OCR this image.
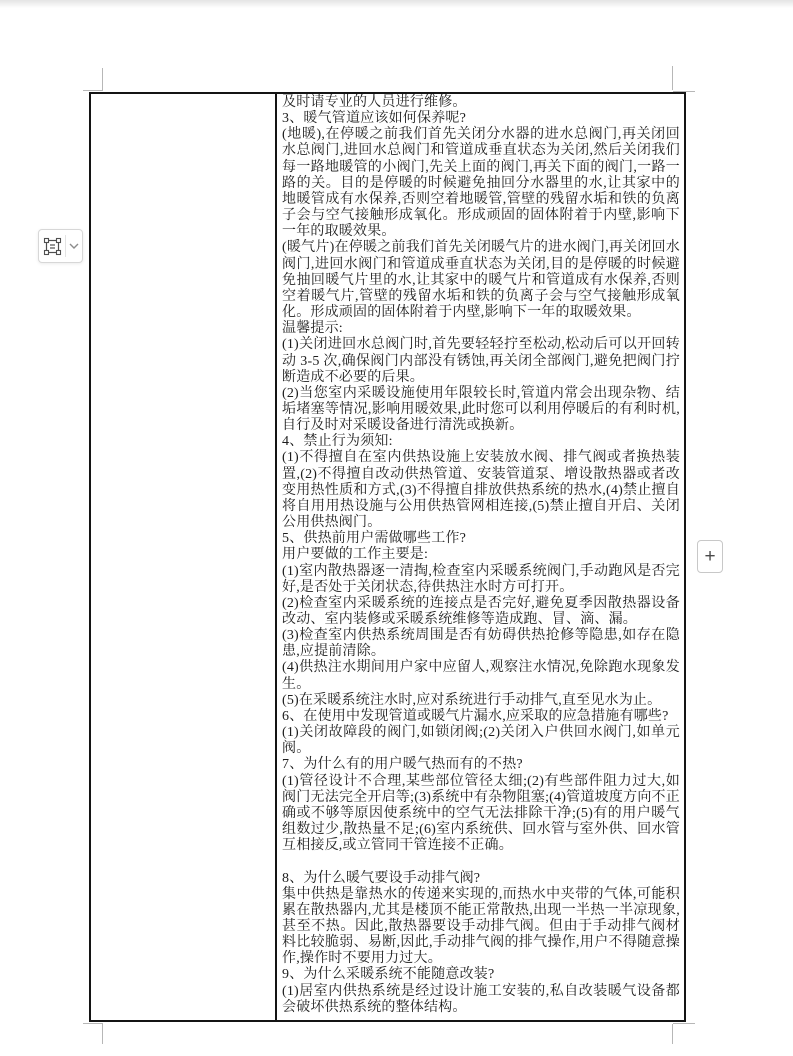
及时请专业的人员进行维修。
3、暖气管道应该如何保养呢?
(地暖),在停暖之前我们首先关闭分水器的进水总阀门,再关闭回水总阀门,进回水总阀门和管道成垂直状态为关闭,然后关闭我们每一路地暖管的小阀门,先关上面的阀门,再关下面的阀门,一路一路的关。目的是停暖的时候避免抽回分水器里的水,让其家中的地暖管成有水保养,否则空着地暖管,管壁的残留水垢和铁的负离子会与空气接触形成氧化。形成顽固的固体附着于内壁,影响下一年的取暖效果。
(暖气片)在停暖之前我们首先关闭暖气片的进水阀门,再关闭回水阀门,进回水阀门和管道成垂直状态为关闭,目的是停暖的时候避免抽回暖气片里的水,让其家中的暖气片和管道成有水保养,否则空着暖气片,管壁的残留水垢和铁的负离子会与空气接触形成氧化。形成顽固的固体附着于内壁,影响下一年的取暖效果。
温馨提示:
(1)关闭进回水总阀门时,首先要轻轻拧至松动,松动后可以开回转动 3-5 次,确保阀门内部没有锈蚀,再关闭全部阀门,避免把阀门拧断造成不必要的后果。
(2)当您室内采暖设施使用年限较长时,管道内常会出现杂物、结垢堵塞等情况,影响用暖效果,此时您可以利用停暖后的有利时机,自行及时对采暖设备进行清洗或换新。
4、禁止行为须知:
(1)不得擅自在室内供热设施上安装放水阀、排气阀或者换热装置,(2)不得擅自改动供热管道、安装管道泵、增设散热器或者改变用热性质和方式,(3)不得擅自排放供热系统的热水,(4)禁止擅自将自用用热设施与公用供热管网相连接,(5)禁止擅自开启、关闭公用供热阀门。
5、供热前用户需做哪些工作?
用户要做的工作主要是:
(1)室内散热器逐一清掏,检查室内采暖系统阀门,手动跑风是否完好,是否处于关闭状态,待供热注水时方可打开。
(2)检查室内采暖系统的连接点是否完好,避免夏季因散热器设备改动、室内装修或采暖系统维修等造成跑、冒、滴、漏。
(3)检查室内供热系统周围是否有妨碍供热抢修等隐患,如存在隐患,应提前清除。
(4)供热注水期间用户家中应留人,观察注水情况,免除跑水现象发生。
(5)在采暖系统注水时,应对系统进行手动排气,直至见水为止。
6、在使用中发现管道或暖气片漏水,应采取的应急措施有哪些?
(1)关闭故障段的阀门,如锁闭阀;(2)关闭入户供回水阀门,如单元阀。
7、为什么有的用户暖气热而有的不热?
(1)管径设计不合理,某些部位管径太细;(2)有些部件阻力过大,如阀门无法完全开启等;(3)系统中有杂物阻塞;(4)管道坡度方向不正确或不够等原因使系统中的空气无法排除干净;(5)有的用户暖气组数过少,散热量不足;(6)室内系统供、回水管与室外供、回水管互相接反,或立管同干管连接不正确。

8、为什么暖气要设手动排气阀?
集中供热是靠热水的传递来实现的,而热水中夹带的气体,可能积累在散热器内,尤其是楼顶不能正常散热,出现一半热一半凉现象,甚至不热。因此,散热器要设手动排气阀。但由于手动排气阀材料比较脆弱、易断,因此,手动排气阀的排气操作,用户不得随意操作,操作时不要用力过大。
9、为什么采暖系统不能随意改装?
(1)居室内供热系统是经过设计施工安装的,私自改装暖气设备都会破坏供热系统的整体结构。
+
